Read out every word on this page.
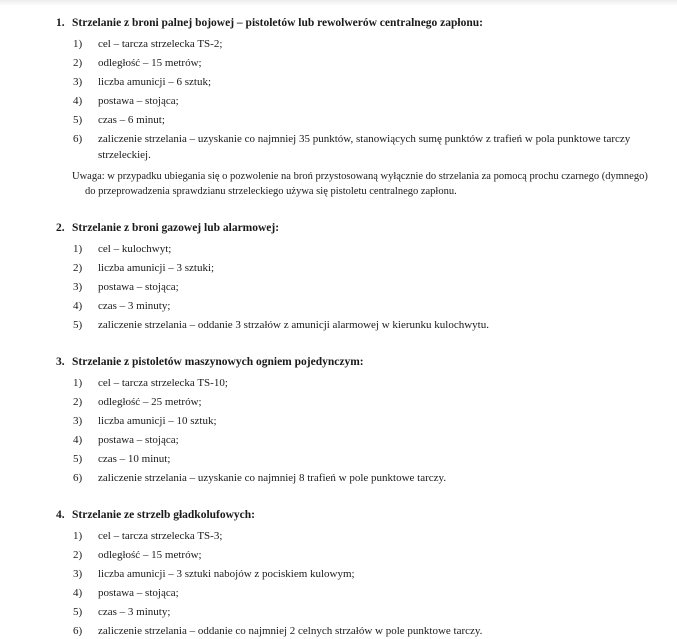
1. Strzelanie z broni palnej bojowej – pistoletów lub rewolwerów centralnego zapłonu:
1) cel – tarcza strzelecka TS-2;
2) odległość – 15 metrów;
3) liczba amunicji – 6 sztuk;
4) postawa – stojąca;
5) czas – 6 minut;
6) zaliczenie strzelania – uzyskanie co najmniej 35 punktów, stanowiących sumę punktów z trafień w pola punktowe tarczy strzeleckiej.
Uwaga: w przypadku ubiegania się o pozwolenie na broń przystosowaną wyłącznie do strzelania za pomocą prochu czarnego (dymnego) do przeprowadzenia sprawdzianu strzeleckiego używa się pistoletu centralnego zapłonu.
2. Strzelanie z broni gazowej lub alarmowej:
1) cel – kulochwyt;
2) liczba amunicji – 3 sztuki;
3) postawa – stojąca;
4) czas – 3 minuty;
5) zaliczenie strzelania – oddanie 3 strzałów z amunicji alarmowej w kierunku kulochwytu.
3. Strzelanie z pistoletów maszynowych ogniem pojedynczym:
1) cel – tarcza strzelecka TS-10;
2) odległość – 25 metrów;
3) liczba amunicji – 10 sztuk;
4) postawa – stojąca;
5) czas – 10 minut;
6) zaliczenie strzelania – uzyskanie co najmniej 8 trafień w pole punktowe tarczy.
4. Strzelanie ze strzelb gładkolufowych:
1) cel – tarcza strzelecka TS-3;
2) odległość – 15 metrów;
3) liczba amunicji – 3 sztuki nabojów z pociskiem kulowym;
4) postawa – stojąca;
5) czas – 3 minuty;
6) zaliczenie strzelania – oddanie co najmniej 2 celnych strzałów w pole punktowe tarczy.
